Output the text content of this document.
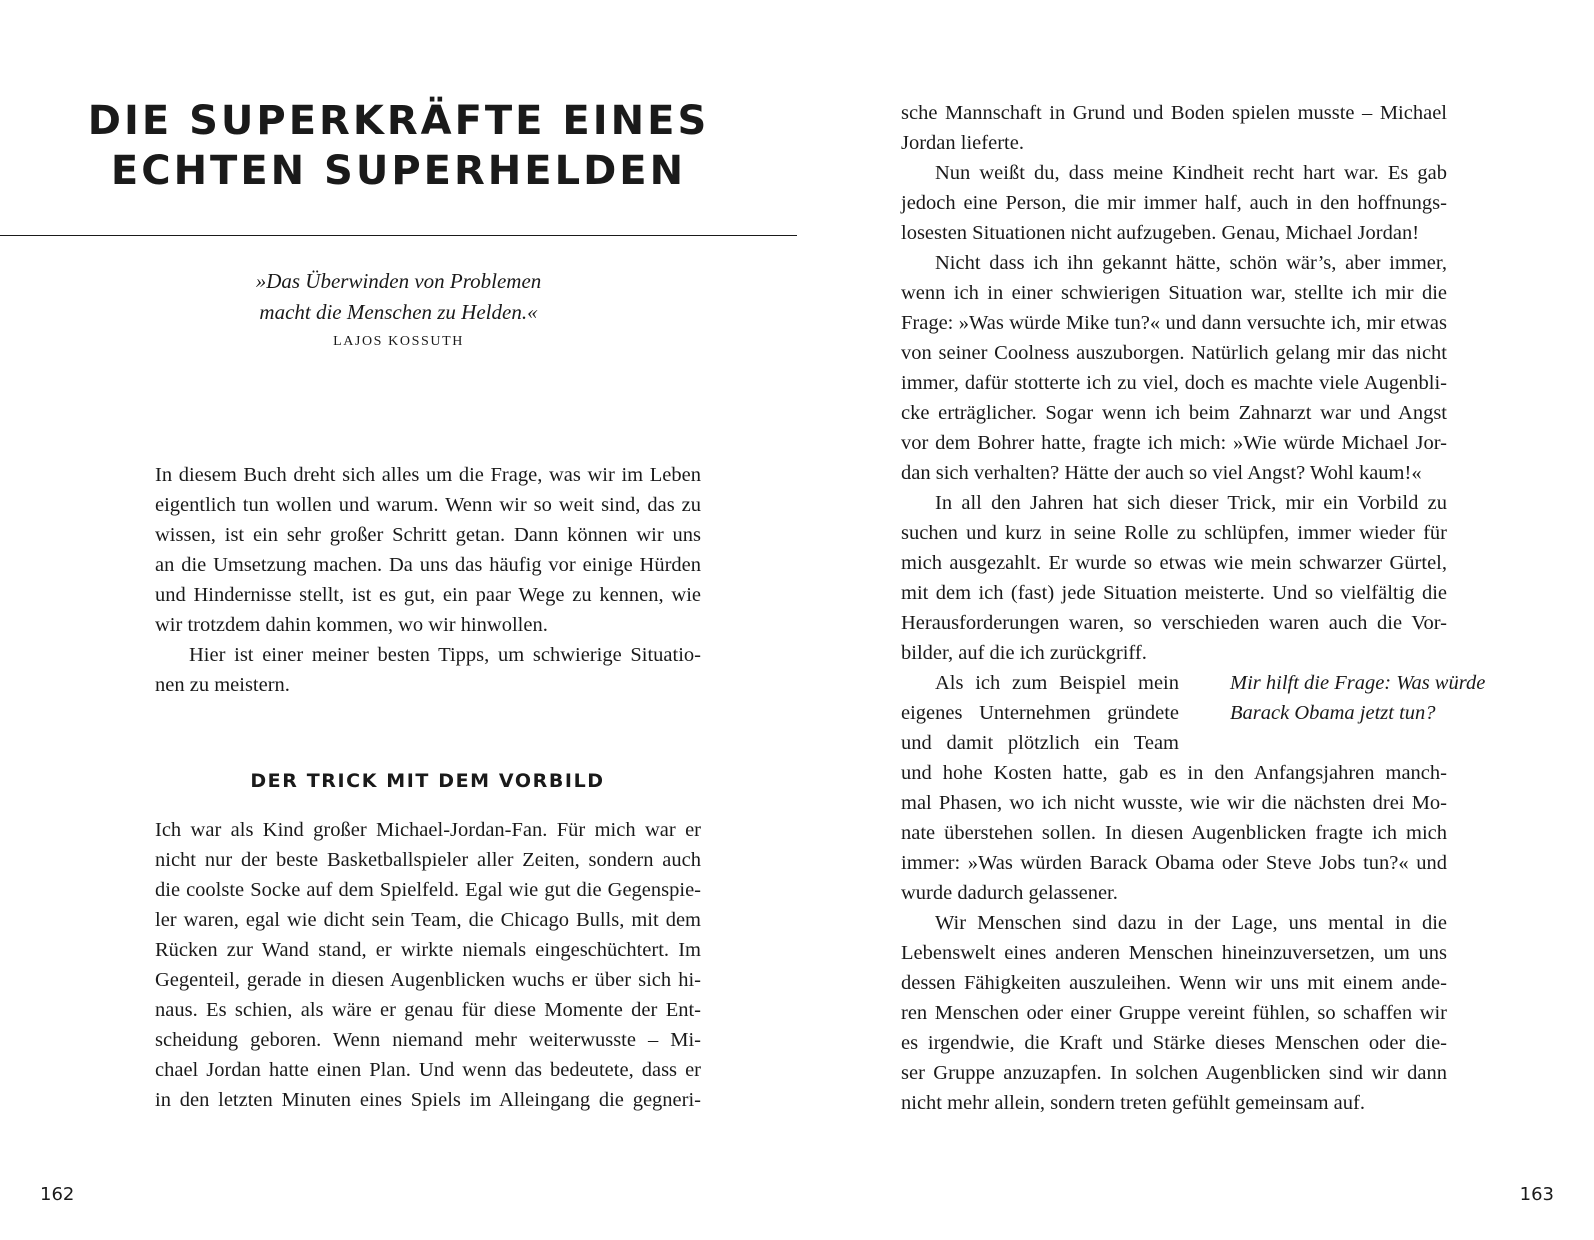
DIE SUPERKRÄFTE EINES
ECHTEN SUPERHELDEN
»Das Überwinden von Problemen
macht die Menschen zu Helden.«
LAJOS KOSSUTH
In diesem Buch dreht sich alles um die Frage, was wir im Leben
eigentlich tun wollen und warum. Wenn wir so weit sind, das zu
wissen, ist ein sehr großer Schritt getan. Dann können wir uns
an die Umsetzung machen. Da uns das häufig vor einige Hürden
und Hindernisse stellt, ist es gut, ein paar Wege zu kennen, wie
wir trotzdem dahin kommen, wo wir hinwollen.
Hier ist einer meiner besten Tipps, um schwierige Situatio-
nen zu meistern.
DER TRICK MIT DEM VORBILD
Ich war als Kind großer Michael-Jordan-Fan. Für mich war er
nicht nur der beste Basketballspieler aller Zeiten, sondern auch
die coolste Socke auf dem Spielfeld. Egal wie gut die Gegenspie-
ler waren, egal wie dicht sein Team, die Chicago Bulls, mit dem
Rücken zur Wand stand, er wirkte niemals eingeschüchtert. Im
Gegenteil, gerade in diesen Augenblicken wuchs er über sich hi-
naus. Es schien, als wäre er genau für diese Momente der Ent-
scheidung geboren. Wenn niemand mehr weiterwusste – Mi-
chael Jordan hatte einen Plan. Und wenn das bedeutete, dass er
in den letzten Minuten eines Spiels im Alleingang die gegneri-
162
sche Mannschaft in Grund und Boden spielen musste – Michael
Jordan lieferte.
Nun weißt du, dass meine Kindheit recht hart war. Es gab
jedoch eine Person, die mir immer half, auch in den hoffnungs-
losesten Situationen nicht aufzugeben. Genau, Michael Jordan!
Nicht dass ich ihn gekannt hätte, schön wär’s, aber immer,
wenn ich in einer schwierigen Situation war, stellte ich mir die
Frage: »Was würde Mike tun?« und dann versuchte ich, mir etwas
von seiner Coolness auszuborgen. Natürlich gelang mir das nicht
immer, dafür stotterte ich zu viel, doch es machte viele Augenbli-
cke erträglicher. Sogar wenn ich beim Zahnarzt war und Angst
vor dem Bohrer hatte, fragte ich mich: »Wie würde Michael Jor-
dan sich verhalten? Hätte der auch so viel Angst? Wohl kaum!«
In all den Jahren hat sich dieser Trick, mir ein Vorbild zu
suchen und kurz in seine Rolle zu schlüpfen, immer wieder für
mich ausgezahlt. Er wurde so etwas wie mein schwarzer Gürtel,
mit dem ich (fast) jede Situation meisterte. Und so vielfältig die
Herausforderungen waren, so verschieden waren auch die Vor-
bilder, auf die ich zurückgriff.
Als ich zum Beispiel mein
eigenes Unternehmen gründete
und damit plötzlich ein Team
Mir hilft die Frage: Was würde
Barack Obama jetzt tun?
und hohe Kosten hatte, gab es in den Anfangsjahren manch-
mal Phasen, wo ich nicht wusste, wie wir die nächsten drei Mo-
nate überstehen sollen. In diesen Augenblicken fragte ich mich
immer: »Was würden Barack Obama oder Steve Jobs tun?« und
wurde dadurch gelassener.
Wir Menschen sind dazu in der Lage, uns mental in die
Lebenswelt eines anderen Menschen hineinzuversetzen, um uns
dessen Fähigkeiten auszuleihen. Wenn wir uns mit einem ande-
ren Menschen oder einer Gruppe vereint fühlen, so schaffen wir
es irgendwie, die Kraft und Stärke dieses Menschen oder die-
ser Gruppe anzuzapfen. In solchen Augenblicken sind wir dann
nicht mehr allein, sondern treten gefühlt gemeinsam auf.
163
